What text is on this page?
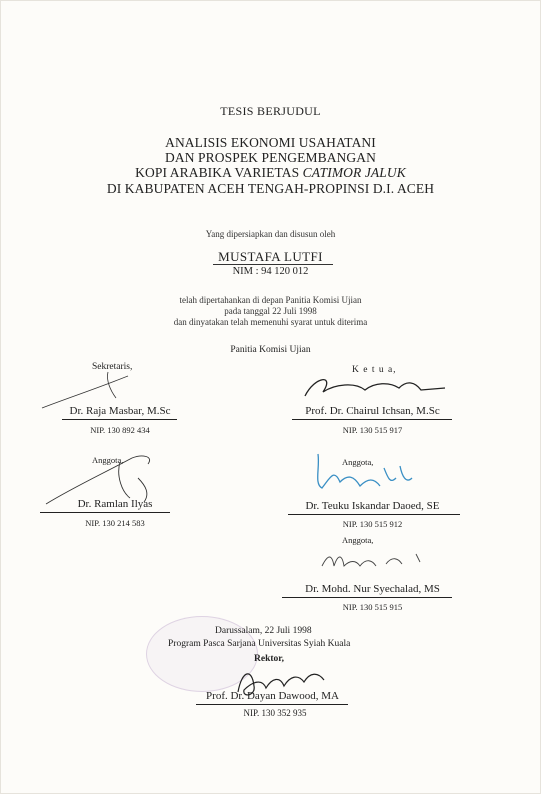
TESIS BERJUDUL
ANALISIS EKONOMI USAHATANI
DAN PROSPEK PENGEMBANGAN
KOPI ARABIKA VARIETAS CATIMOR JALUK
DI KABUPATEN ACEH TENGAH-PROPINSI D.I. ACEH
Yang dipersiapkan dan disusun oleh
MUSTAFA LUTFI
NIM : 94 120 012
telah dipertahankan di depan Panitia Komisi Ujian
pada tanggal 22 Juli 1998
dan dinyatakan telah memenuhi syarat untuk diterima
Panitia Komisi Ujian
Sekretaris,
Dr. Raja Masbar, M.Sc
NIP. 130 892 434
K e t u a,
Prof. Dr. Chairul Ichsan, M.Sc
NIP. 130 515 917
Anggota,
Dr. Ramlan Ilyas
NIP. 130 214 583
Anggota,
Dr. Teuku Iskandar Daoed, SE
NIP. 130 515 912
Anggota,
Dr. Mohd. Nur Syechalad, MS
NIP. 130 515 915
Darussalam, 22 Juli 1998
Program Pasca Sarjana Universitas Syiah Kuala
Rektor,
Prof. Dr. Dayan Dawood, MA
NIP. 130 352 935
